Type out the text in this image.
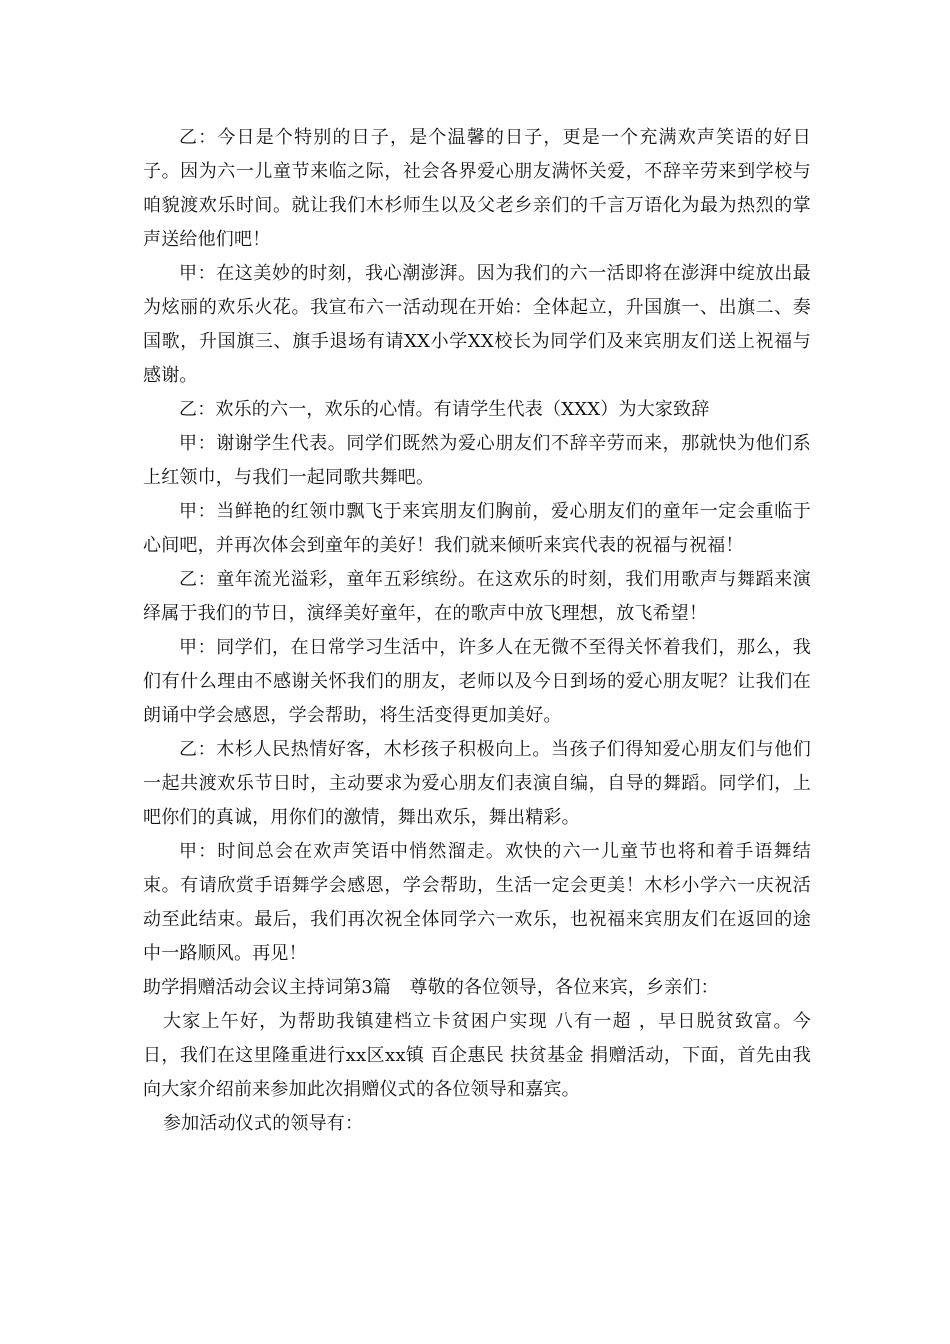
乙：今日是个特别的日子，是个温馨的日子，更是一个充满欢声笑语的好日子。因为六一儿童节来临之际，社会各界爱心朋友满怀关爱，不辞辛劳来到学校与咱貌渡欢乐时间。就让我们木杉师生以及父老乡亲们的千言万语化为最为热烈的掌声送给他们吧！

甲：在这美妙的时刻，我心潮澎湃。因为我们的六一活即将在澎湃中绽放出最为炫丽的欢乐火花。我宣布六一活动现在开始：全体起立，升国旗一、出旗二、奏国歌，升国旗三、旗手退场有请XX小学XX校长为同学们及来宾朋友们送上祝福与感谢。

乙：欢乐的六一，欢乐的心情。有请学生代表（XXX）为大家致辞

甲：谢谢学生代表。同学们既然为爱心朋友们不辞辛劳而来，那就快为他们系上红领巾，与我们一起同歌共舞吧。

甲：当鲜艳的红领巾飘飞于来宾朋友们胸前，爱心朋友们的童年一定会重临于心间吧，并再次体会到童年的美好！我们就来倾听来宾代表的祝福与祝福！

乙：童年流光溢彩，童年五彩缤纷。在这欢乐的时刻，我们用歌声与舞蹈来演绎属于我们的节日，演绎美好童年，在的歌声中放飞理想，放飞希望！

甲：同学们，在日常学习生活中，许多人在无微不至得关怀着我们，那么，我们有什么理由不感谢关怀我们的朋友，老师以及今日到场的爱心朋友呢？让我们在朗诵中学会感恩，学会帮助，将生活变得更加美好。

乙：木杉人民热情好客，木杉孩子积极向上。当孩子们得知爱心朋友们与他们一起共渡欢乐节日时，主动要求为爱心朋友们表演自编，自导的舞蹈。同学们，上吧你们的真诚，用你们的激情，舞出欢乐，舞出精彩。

甲：时间总会在欢声笑语中悄然溜走。欢快的六一儿童节也将和着手语舞结束。有请欣赏手语舞学会感恩，学会帮助，生活一定会更美！木杉小学六一庆祝活动至此结束。最后，我们再次祝全体同学六一欢乐，也祝福来宾朋友们在返回的途中一路顺风。再见！

助学捐赠活动会议主持词第3篇　尊敬的各位领导，各位来宾，乡亲们：

大家上午好，为帮助我镇建档立卡贫困户实现 八有一超 ，早日脱贫致富。今日，我们在这里隆重进行xx区xx镇 百企惠民 扶贫基金 捐赠活动，下面，首先由我向大家介绍前来参加此次捐赠仪式的各位领导和嘉宾。

参加活动仪式的领导有：
